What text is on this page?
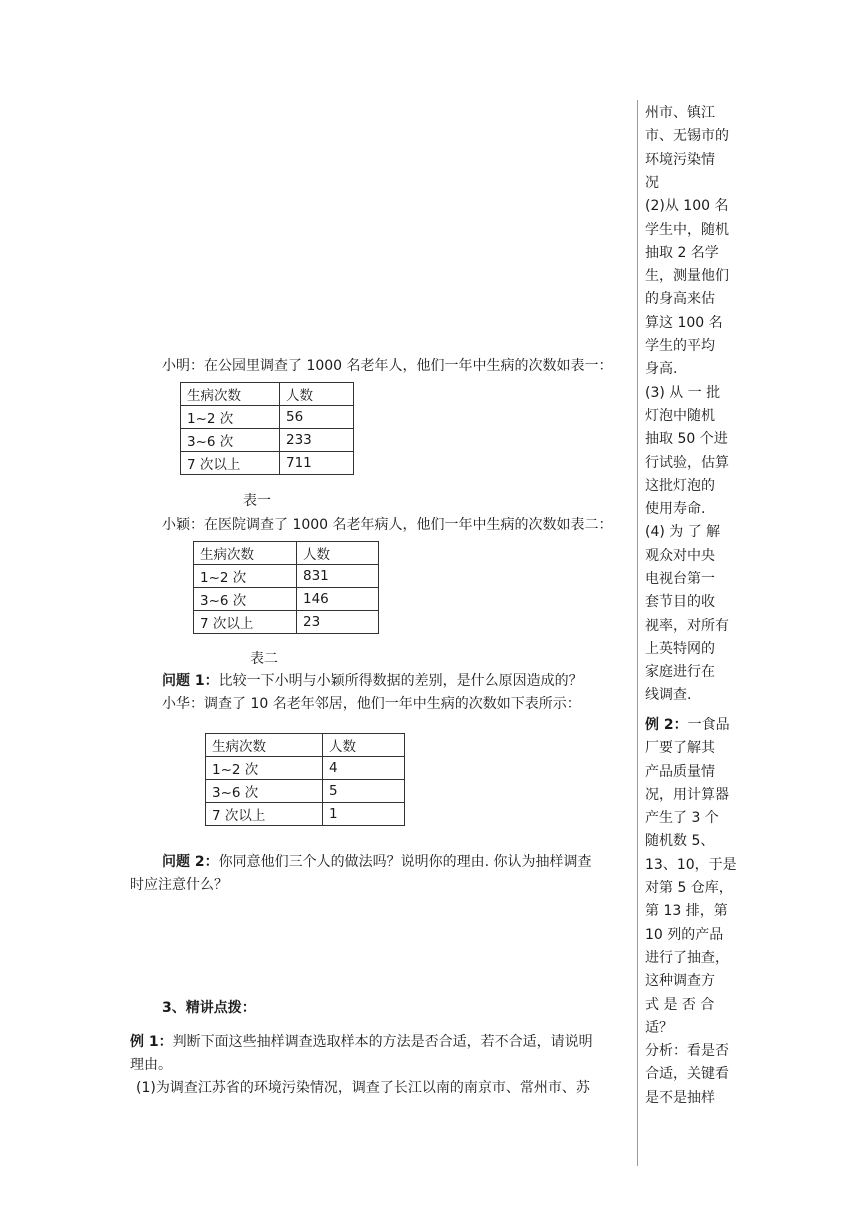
小明：在公园里调查了 1000 名老年人，他们一年中生病的次数如表一：
生病次数	人数
1~2 次	56
3~6 次	233
7 次以上	711
表一
小颖：在医院调查了 1000 名老年病人，他们一年中生病的次数如表二：
生病次数	人数
1~2 次	831
3~6 次	146
7 次以上	23
表二
问题 1：比较一下小明与小颖所得数据的差别，是什么原因造成的？
小华：调查了 10 名老年邻居，他们一年中生病的次数如下表所示：
生病次数	人数
1~2 次	4
3~6 次	5
7 次以上	1
问题 2：你同意他们三个人的做法吗？说明你的理由. 你认为抽样调查
时应注意什么？
3、精讲点拨：
例 1：判断下面这些抽样调查选取样本的方法是否合适，若不合适，请说明
理由。
(1)为调查江苏省的环境污染情况，调查了长江以南的南京市、常州市、苏
州市、镇江
市、无锡市的
环境污染情
况
(2)从 100 名
学生中，随机
抽取 2 名学
生，测量他们
的身高来估
算这 100 名
学生的平均
身高.
(3) 从 一 批
灯泡中随机
抽取 50 个进
行试验，估算
这批灯泡的
使用寿命.
(4) 为 了 解
观众对中央
电视台第一
套节目的收
视率，对所有
上英特网的
家庭进行在
线调查.
例 2：一食品
厂要了解其
产品质量情
况，用计算器
产生了 3 个
随机数 5、
13、10，于是
对第 5 仓库，
第 13 排，第
10 列的产品
进行了抽查，
这种调查方
式 是 否 合
适？
分析：看是否
合适，关键看
是不是抽样
